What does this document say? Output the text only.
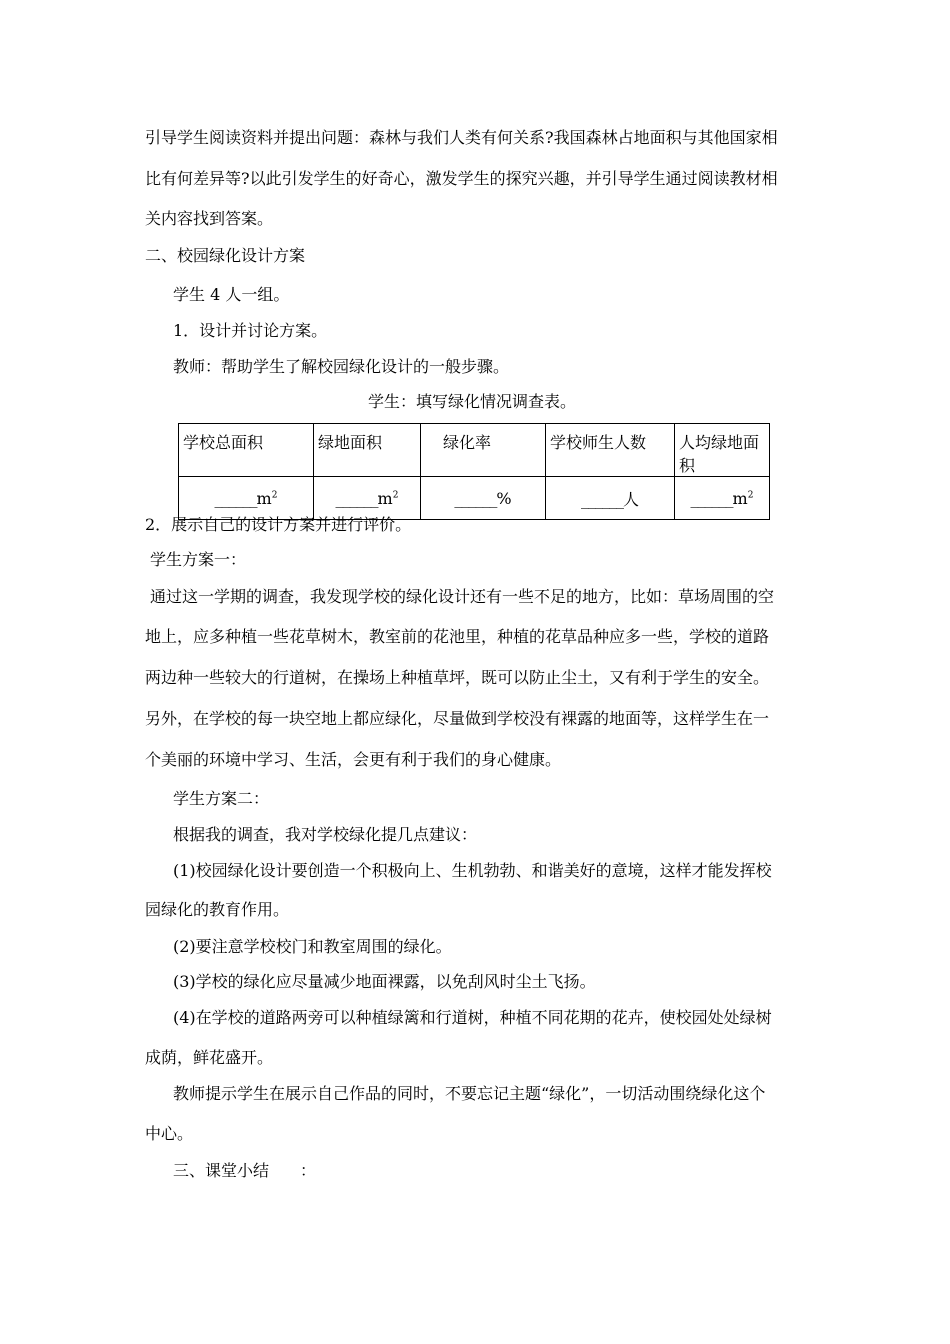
引导学生阅读资料并提出问题：森林与我们人类有何关系?我国森林占地面积与其他国家相
比有何差异等?以此引发学生的好奇心，激发学生的探究兴趣，并引导学生通过阅读教材相
关内容找到答案。
二、校园绿化设计方案
学生 4 人一组。
1．设计并讨论方案。
教师：帮助学生了解校园绿化设计的一般步骤。
学生：填写绿化情况调查表。
学校总面积	绿地面积	绿化率	学校师生人数	人均绿地面积
$\_\_\_\_\_\_m^2$	$\_\_\_\_\_\_m^2$	______%	______人	$\_\_\_\_\_\_m^2$
2．展示自己的设计方案并进行评价。
学生方案一：
通过这一学期的调查，我发现学校的绿化设计还有一些不足的地方，比如：草场周围的空
地上，应多种植一些花草树木，教室前的花池里，种植的花草品种应多一些，学校的道路
两边种一些较大的行道树，在操场上种植草坪，既可以防止尘土，又有利于学生的安全。
另外，在学校的每一块空地上都应绿化，尽量做到学校没有裸露的地面等，这样学生在一
个美丽的环境中学习、生活，会更有利于我们的身心健康。
学生方案二：
根据我的调查，我对学校绿化提几点建议：
(1)校园绿化设计要创造一个积极向上、生机勃勃、和谐美好的意境，这样才能发挥校
园绿化的教育作用。
(2)要注意学校校门和教室周围的绿化。
(3)学校的绿化应尽量减少地面裸露，以免刮风时尘土飞扬。
(4)在学校的道路两旁可以种植绿篱和行道树，种植不同花期的花卉，使校园处处绿树
成荫，鲜花盛开。
教师提示学生在展示自己作品的同时，不要忘记主题“绿化”，一切活动围绕绿化这个
中心。
三、课堂小结 ：
